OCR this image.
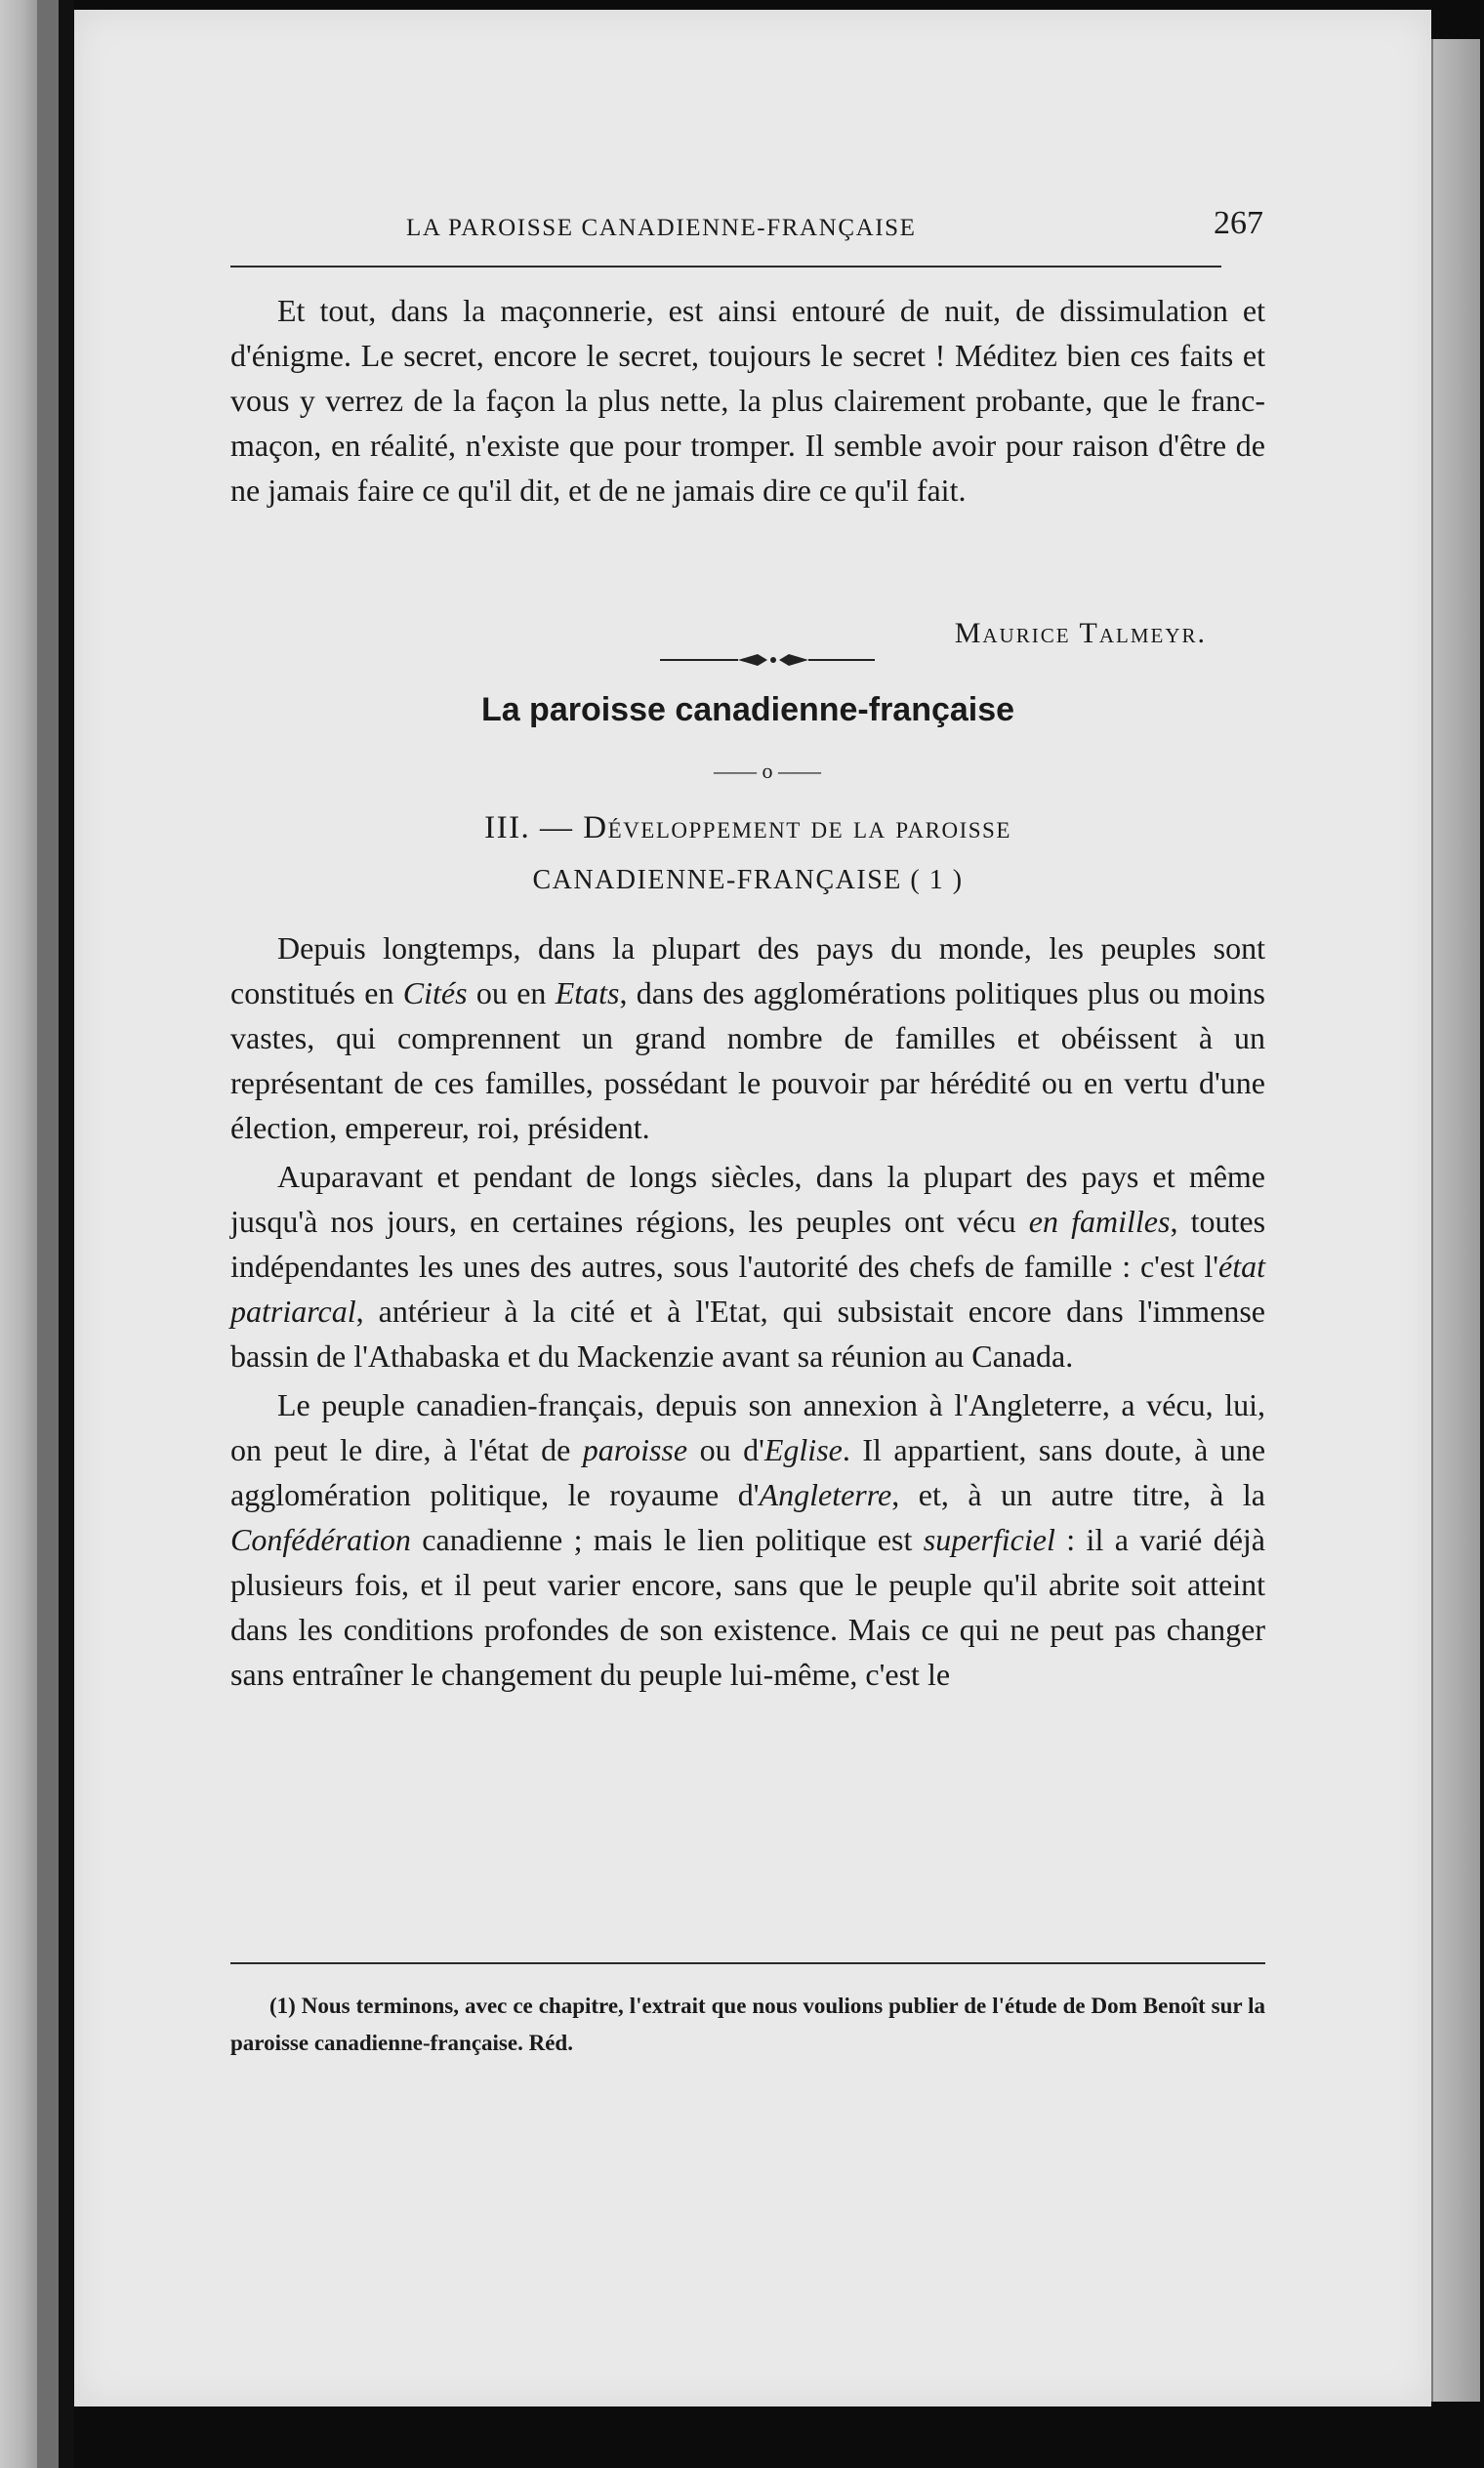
LA PAROISSE CANADIENNE-FRANÇAISE	267

Et tout, dans la maçonnerie, est ainsi entouré de nuit, de dissimulation et d'énigme. Le secret, encore le secret, toujours le secret ! Méditez bien ces faits et vous y verrez de la façon la plus nette, la plus clairement probante, que le franc-maçon, en réalité, n'existe que pour tromper. Il semble avoir pour raison d'être de ne jamais faire ce qu'il dit, et de ne jamais dire ce qu'il fait.

Maurice Talmeyr.
La paroisse canadienne-française
—— o ——
III. — Développement de la paroisse
CANADIENNE-FRANÇAISE ( 1 )

Depuis longtemps, dans la plupart des pays du monde, les peuples sont constitués en Cités ou en Etats, dans des agglomérations politiques plus ou moins vastes, qui comprennent un grand nombre de familles et obéissent à un représentant de ces familles, possédant le pouvoir par hérédité ou en vertu d'une élection, empereur, roi, président.

Auparavant et pendant de longs siècles, dans la plupart des pays et même jusqu'à nos jours, en certaines régions, les peuples ont vécu en familles, toutes indépendantes les unes des autres, sous l'autorité des chefs de famille : c'est l'état patriarcal, antérieur à la cité et à l'Etat, qui subsistait encore dans l'immense bassin de l'Athabaska et du Mackenzie avant sa réunion au Canada.

Le peuple canadien-français, depuis son annexion à l'Angleterre, a vécu, lui, on peut le dire, à l'état de paroisse ou d'Eglise. Il appartient, sans doute, à une agglomération politique, le royaume d'Angleterre, et, à un autre titre, à la Confédération canadienne ; mais le lien politique est superficiel : il a varié déjà plusieurs fois, et il peut varier encore, sans que le peuple qu'il abrite soit atteint dans les conditions profondes de son existence. Mais ce qui ne peut pas changer sans entraîner le changement du peuple lui-même, c'est le

(1) Nous terminons, avec ce chapitre, l'extrait que nous voulions publier de l'étude de Dom Benoît sur la paroisse canadienne-française. Réd.
